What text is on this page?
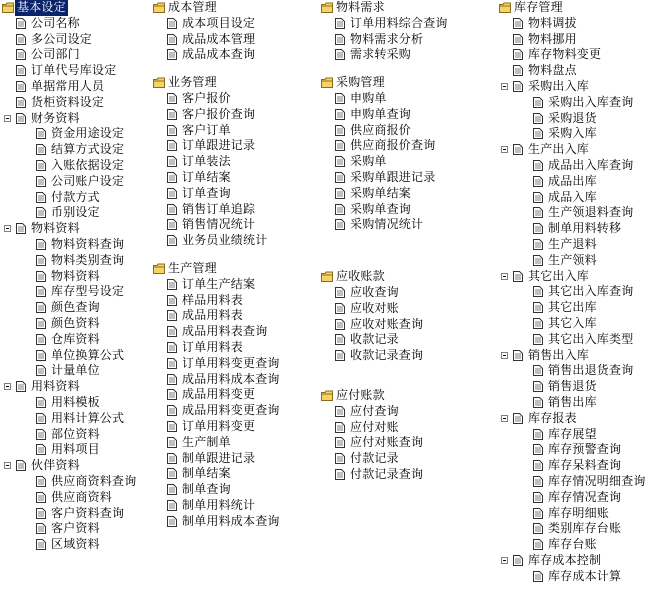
基本设定
公司名称
多公司设定
公司部门
订单代号库设定
单据常用人员
货柜资料设定
财务资料
资金用途设定
结算方式设定
入账依据设定
公司账户设定
付款方式
币别设定
物料资料
物料资料查询
物料类别查询
物料资料
库存型号设定
颜色查询
颜色资料
仓库资料
单位换算公式
计量单位
用料资料
用料模板
用料计算公式
部位资料
用料项目
伙伴资料
供应商资料查询
供应商资料
客户资料查询
客户资料
区域资料
成本管理
成本项目设定
成品成本管理
成品成本查询
业务管理
客户报价
客户报价查询
客户订单
订单跟进记录
订单装法
订单结案
订单查询
销售订单追踪
销售情况统计
业务员业绩统计
生产管理
订单生产结案
样品用料表
成品用料表
成品用料表查询
订单用料表
订单用料变更查询
成品用料成本查询
成品用料变更
成品用料变更查询
订单用料变更
生产制单
制单跟进记录
制单结案
制单查询
制单用料统计
制单用料成本查询
物料需求
订单用料综合查询
物料需求分析
需求转采购
采购管理
申购单
申购单查询
供应商报价
供应商报价查询
采购单
采购单跟进记录
采购单结案
采购单查询
采购情况统计
应收账款
应收查询
应收对账
应收对账查询
收款记录
收款记录查询
应付账款
应付查询
应付对账
应付对账查询
付款记录
付款记录查询
库存管理
物料调拔
物料挪用
库存物料变更
物料盘点
采购出入库
采购出入库查询
采购退货
采购入库
生产出入库
成品出入库查询
成品出库
成品入库
生产领退料查询
制单用料转移
生产退料
生产领料
其它出入库
其它出入库查询
其它出库
其它入库
其它出入库类型
销售出入库
销售出退货查询
销售退货
销售出库
库存报表
库存展望
库存预警查询
库存呆料查询
库存情况明细查询
库存情况查询
库存明细账
类别库存台账
库存台账
库存成本控制
库存成本计算
